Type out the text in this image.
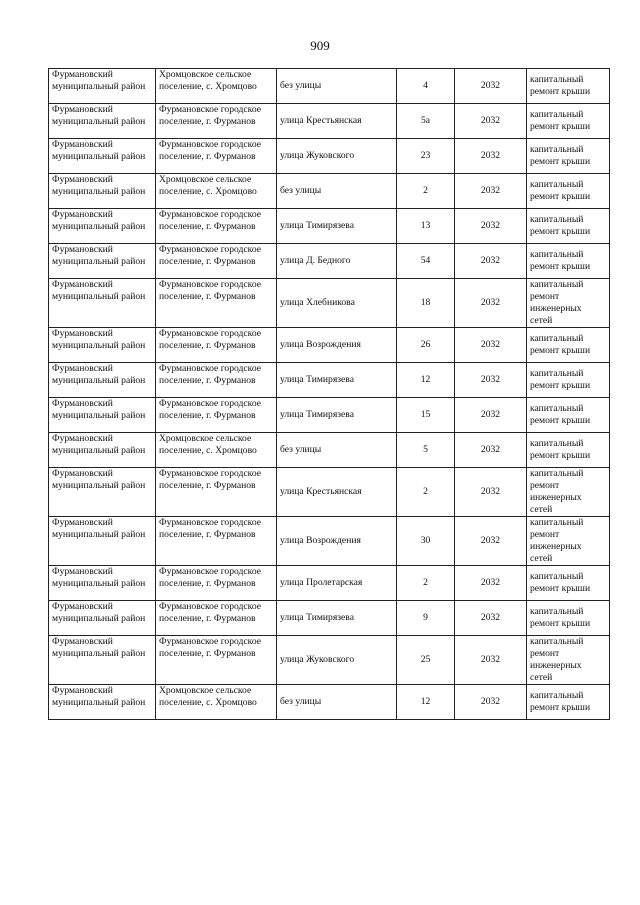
909
Фурмановский муниципальный район	Хромцовское сельское поселение, с. Хромцово	без улицы	4	2032	капитальный ремонт крыши
Фурмановский муниципальный район	Фурмановское городское поселение, г. Фурманов	улица Крестьянская	5а	2032	капитальный ремонт крыши
Фурмановский муниципальный район	Фурмановское городское поселение, г. Фурманов	улица Жуковского	23	2032	капитальный ремонт крыши
Фурмановский муниципальный район	Хромцовское сельское поселение, с. Хромцово	без улицы	2	2032	капитальный ремонт крыши
Фурмановский муниципальный район	Фурмановское городское поселение, г. Фурманов	улица Тимирязева	13	2032	капитальный ремонт крыши
Фурмановский муниципальный район	Фурмановское городское поселение, г. Фурманов	улица Д. Бедного	54	2032	капитальный ремонт крыши
Фурмановский муниципальный район	Фурмановское городское поселение, г. Фурманов	улица Хлебникова	18	2032	капитальный ремонт инженерных сетей
Фурмановский муниципальный район	Фурмановское городское поселение, г. Фурманов	улица Возрождения	26	2032	капитальный ремонт крыши
Фурмановский муниципальный район	Фурмановское городское поселение, г. Фурманов	улица Тимирязева	12	2032	капитальный ремонт крыши
Фурмановский муниципальный район	Фурмановское городское поселение, г. Фурманов	улица Тимирязева	15	2032	капитальный ремонт крыши
Фурмановский муниципальный район	Хромцовское сельское поселение, с. Хромцово	без улицы	5	2032	капитальный ремонт крыши
Фурмановский муниципальный район	Фурмановское городское поселение, г. Фурманов	улица Крестьянская	2	2032	капитальный ремонт инженерных сетей
Фурмановский муниципальный район	Фурмановское городское поселение, г. Фурманов	улица Возрождения	30	2032	капитальный ремонт инженерных сетей
Фурмановский муниципальный район	Фурмановское городское поселение, г. Фурманов	улица Пролетарская	2	2032	капитальный ремонт крыши
Фурмановский муниципальный район	Фурмановское городское поселение, г. Фурманов	улица Тимирязева	9	2032	капитальный ремонт крыши
Фурмановский муниципальный район	Фурмановское городское поселение, г. Фурманов	улица Жуковского	25	2032	капитальный ремонт инженерных сетей
Фурмановский муниципальный район	Хромцовское сельское поселение, с. Хромцово	без улицы	12	2032	капитальный ремонт крыши
